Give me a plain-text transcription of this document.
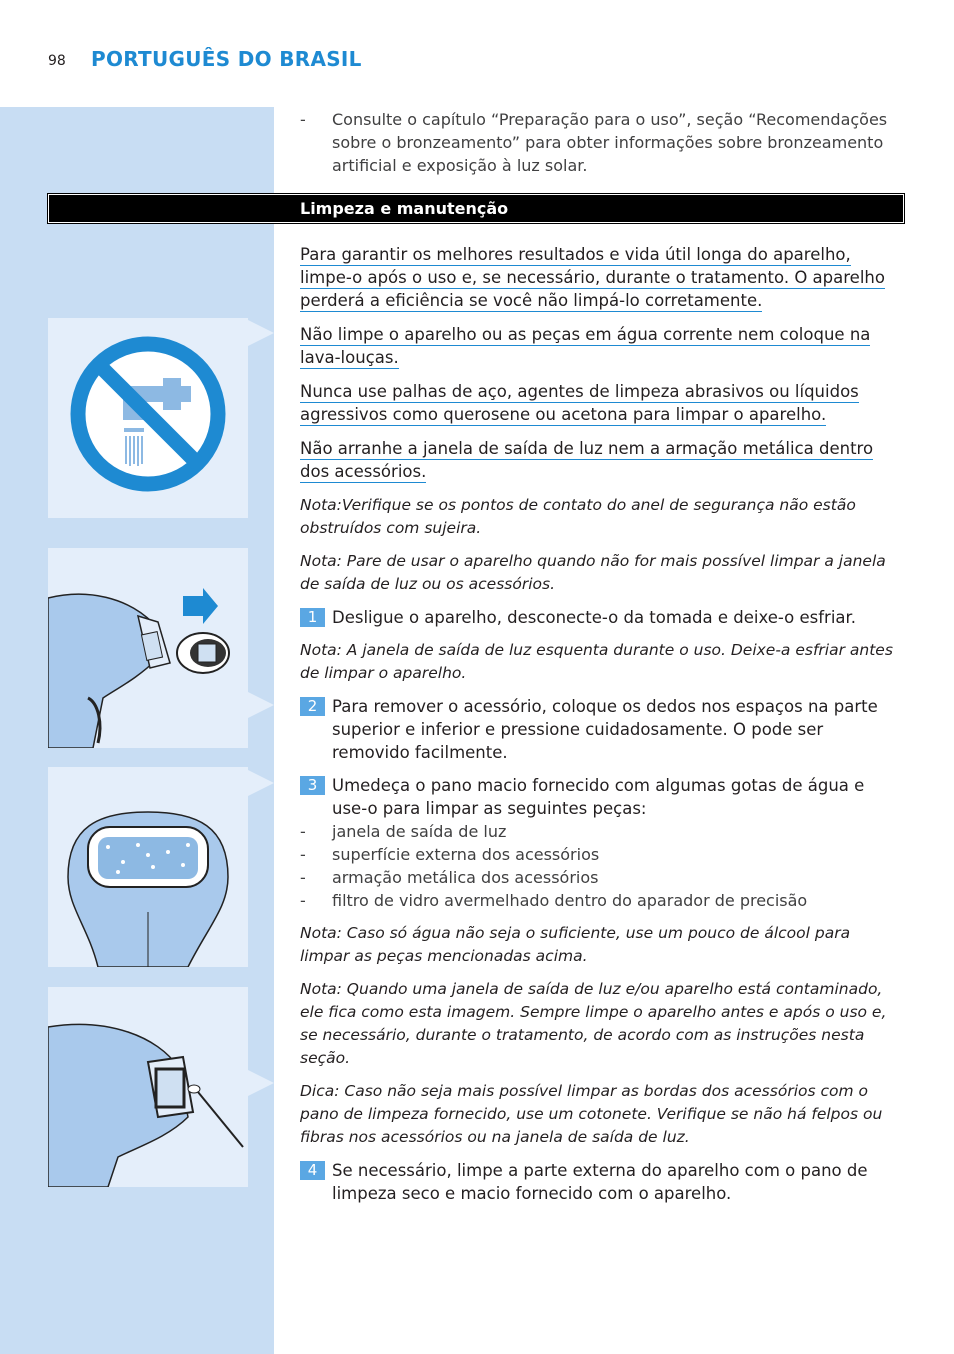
98 PORTUGUÊS DO BRASIL
- Consulte o capítulo “Preparação para o uso”, seção “Recomendações sobre o bronzeamento” para obter informações sobre bronzeamento artificial e exposição à luz solar.
Limpeza e manutenção
Para garantir os melhores resultados e vida útil longa do aparelho,
limpe-o após o uso e, se necessário, durante o tratamento. O aparelho
perderá a eficiência se você não limpá-lo corretamente.
Não limpe o aparelho ou as peças em água corrente nem coloque na
lava-louças.
Nunca use palhas de aço, agentes de limpeza abrasivos ou líquidos
agressivos como querosene ou acetona para limpar o aparelho.
Não arranhe a janela de saída de luz nem a armação metálica dentro
dos acessórios.
Nota:Verifique se os pontos de contato do anel de segurança não estão obstruídos com sujeira.
Nota: Pare de usar o aparelho quando não for mais possível limpar a janela de saída de luz ou os acessórios.
1 Desligue o aparelho, desconecte-o da tomada e deixe-o esfriar.
Nota: A janela de saída de luz esquenta durante o uso. Deixe-a esfriar antes de limpar o aparelho.
2 Para remover o acessório, coloque os dedos nos espaços na parte superior e inferior e pressione cuidadosamente. O pode ser removido facilmente.
3 Umedeça o pano macio fornecido com algumas gotas de água e use-o para limpar as seguintes peças:
- janela de saída de luz
- superfície externa dos acessórios
- armação metálica dos acessórios
- filtro de vidro avermelhado dentro do aparador de precisão
Nota: Caso só água não seja o suficiente, use um pouco de álcool para limpar as peças mencionadas acima.
Nota: Quando uma janela de saída de luz e/ou aparelho está contaminado, ele fica como esta imagem. Sempre limpe o aparelho antes e após o uso e, se necessário, durante o tratamento, de acordo com as instruções nesta seção.
Dica: Caso não seja mais possível limpar as bordas dos acessórios com o pano de limpeza fornecido, use um cotonete. Verifique se não há felpos ou fibras nos acessórios ou na janela de saída de luz.
4 Se necessário, limpe a parte externa do aparelho com o pano de limpeza seco e macio fornecido com o aparelho.
